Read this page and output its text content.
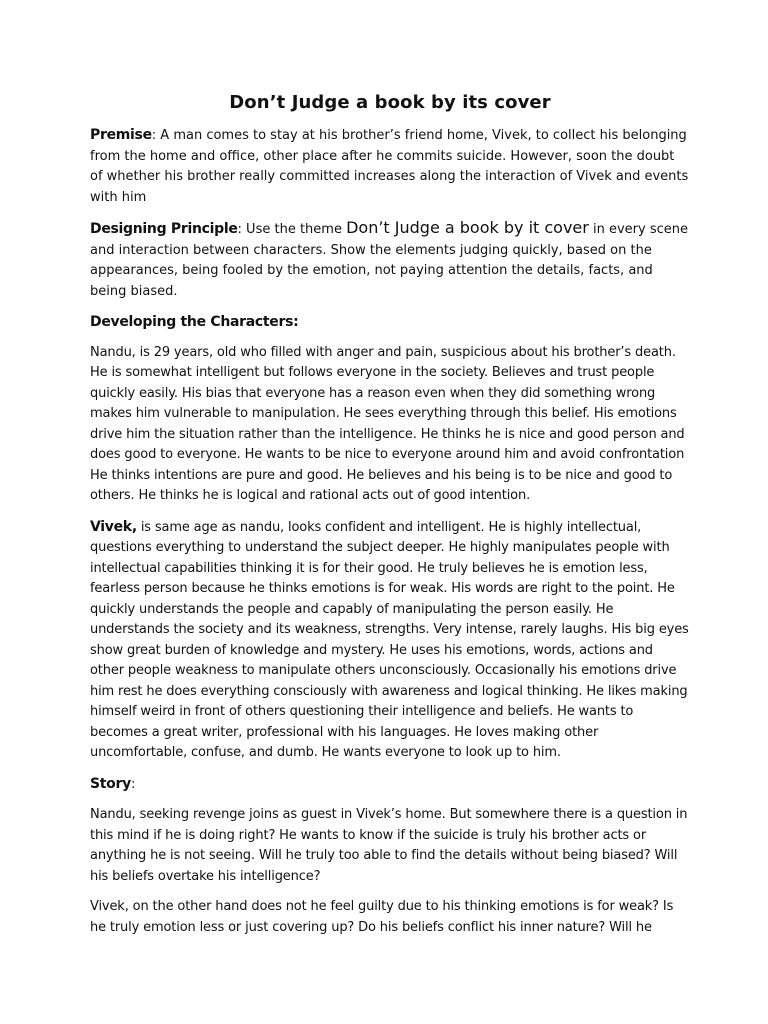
Don’t Judge a book by its cover

Premise: A man comes to stay at his brother’s friend home, Vivek, to collect his belonging from the home and office, other place after he commits suicide. However, soon the doubt of whether his brother really committed increases along the interaction of Vivek and events with him

Designing Principle: Use the theme Don’t Judge a book by it cover in every scene and interaction between characters. Show the elements judging quickly, based on the appearances, being fooled by the emotion, not paying attention the details, facts, and being biased.

Developing the Characters:

Nandu, is 29 years, old who filled with anger and pain, suspicious about his brother’s death. He is somewhat intelligent but follows everyone in the society. Believes and trust people quickly easily. His bias that everyone has a reason even when they did something wrong makes him vulnerable to manipulation. He sees everything through this belief. His emotions drive him the situation rather than the intelligence. He thinks he is nice and good person and does good to everyone. He wants to be nice to everyone around him and avoid confrontation He thinks intentions are pure and good. He believes and his being is to be nice and good to others. He thinks he is logical and rational acts out of good intention.

Vivek, is same age as nandu, looks confident and intelligent. He is highly intellectual, questions everything to understand the subject deeper. He highly manipulates people with intellectual capabilities thinking it is for their good. He truly believes he is emotion less, fearless person because he thinks emotions is for weak. His words are right to the point. He quickly understands the people and capably of manipulating the person easily. He understands the society and its weakness, strengths. Very intense, rarely laughs. His big eyes show great burden of knowledge and mystery. He uses his emotions, words, actions and other people weakness to manipulate others unconsciously. Occasionally his emotions drive him rest he does everything consciously with awareness and logical thinking. He likes making himself weird in front of others questioning their intelligence and beliefs. He wants to becomes a great writer, professional with his languages. He loves making other uncomfortable, confuse, and dumb. He wants everyone to look up to him.

Story:

Nandu, seeking revenge joins as guest in Vivek’s home. But somewhere there is a question in this mind if he is doing right? He wants to know if the suicide is truly his brother acts or anything he is not seeing. Will he truly too able to find the details without being biased? Will his beliefs overtake his intelligence?

Vivek, on the other hand does not he feel guilty due to his thinking emotions is for weak? Is he truly emotion less or just covering up? Do his beliefs conflict his inner nature? Will he
